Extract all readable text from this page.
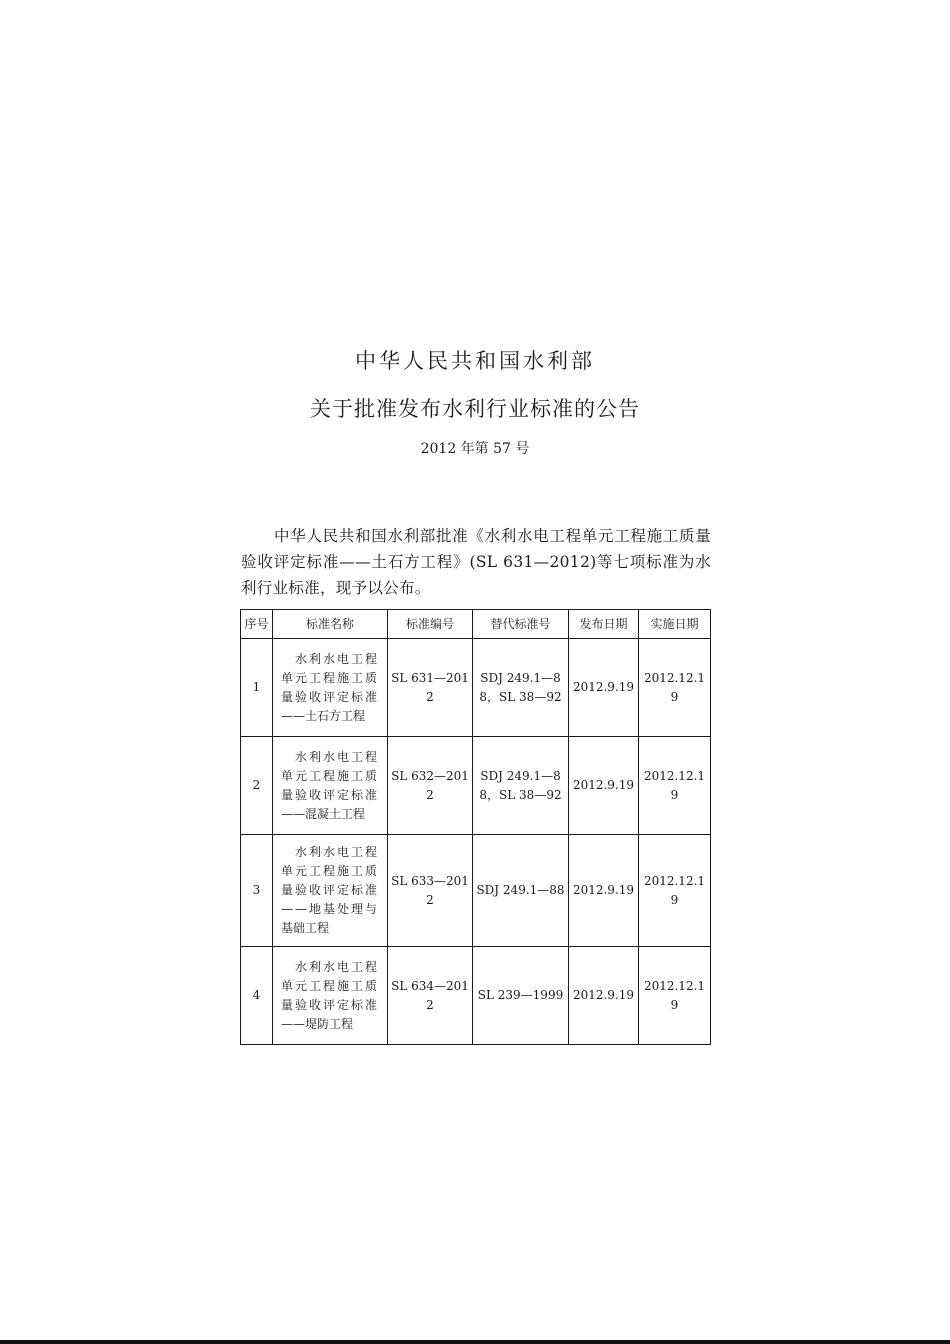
中华人民共和国水利部
关于批准发布水利行业标准的公告
2012 年第 57 号

中华人民共和国水利部批准《水利水电工程单元工程施工质量验收评定标准——土石方工程》(SL 631—2012)等七项标准为水利行业标准，现予以公布。

序号	标准名称	标准编号	替代标准号	发布日期	实施日期
1	水利水电工程
单元工程施工质
量验收评定标准
——土石方工程	SL 631—2012	SDJ 249.1—88，SL 38—92	2012.9.19	2012.12.19
2	水利水电工程
单元工程施工质
量验收评定标准
——混凝土工程	SL 632—2012	SDJ 249.1—88，SL 38—92	2012.9.19	2012.12.19
3	水利水电工程
单元工程施工质
量验收评定标准
——地基处理与
基础工程	SL 633—2012	SDJ 249.1—88	2012.9.19	2012.12.19
4	水利水电工程
单元工程施工质
量验收评定标准
——堤防工程	SL 634—2012	SL 239—1999	2012.9.19	2012.12.19
